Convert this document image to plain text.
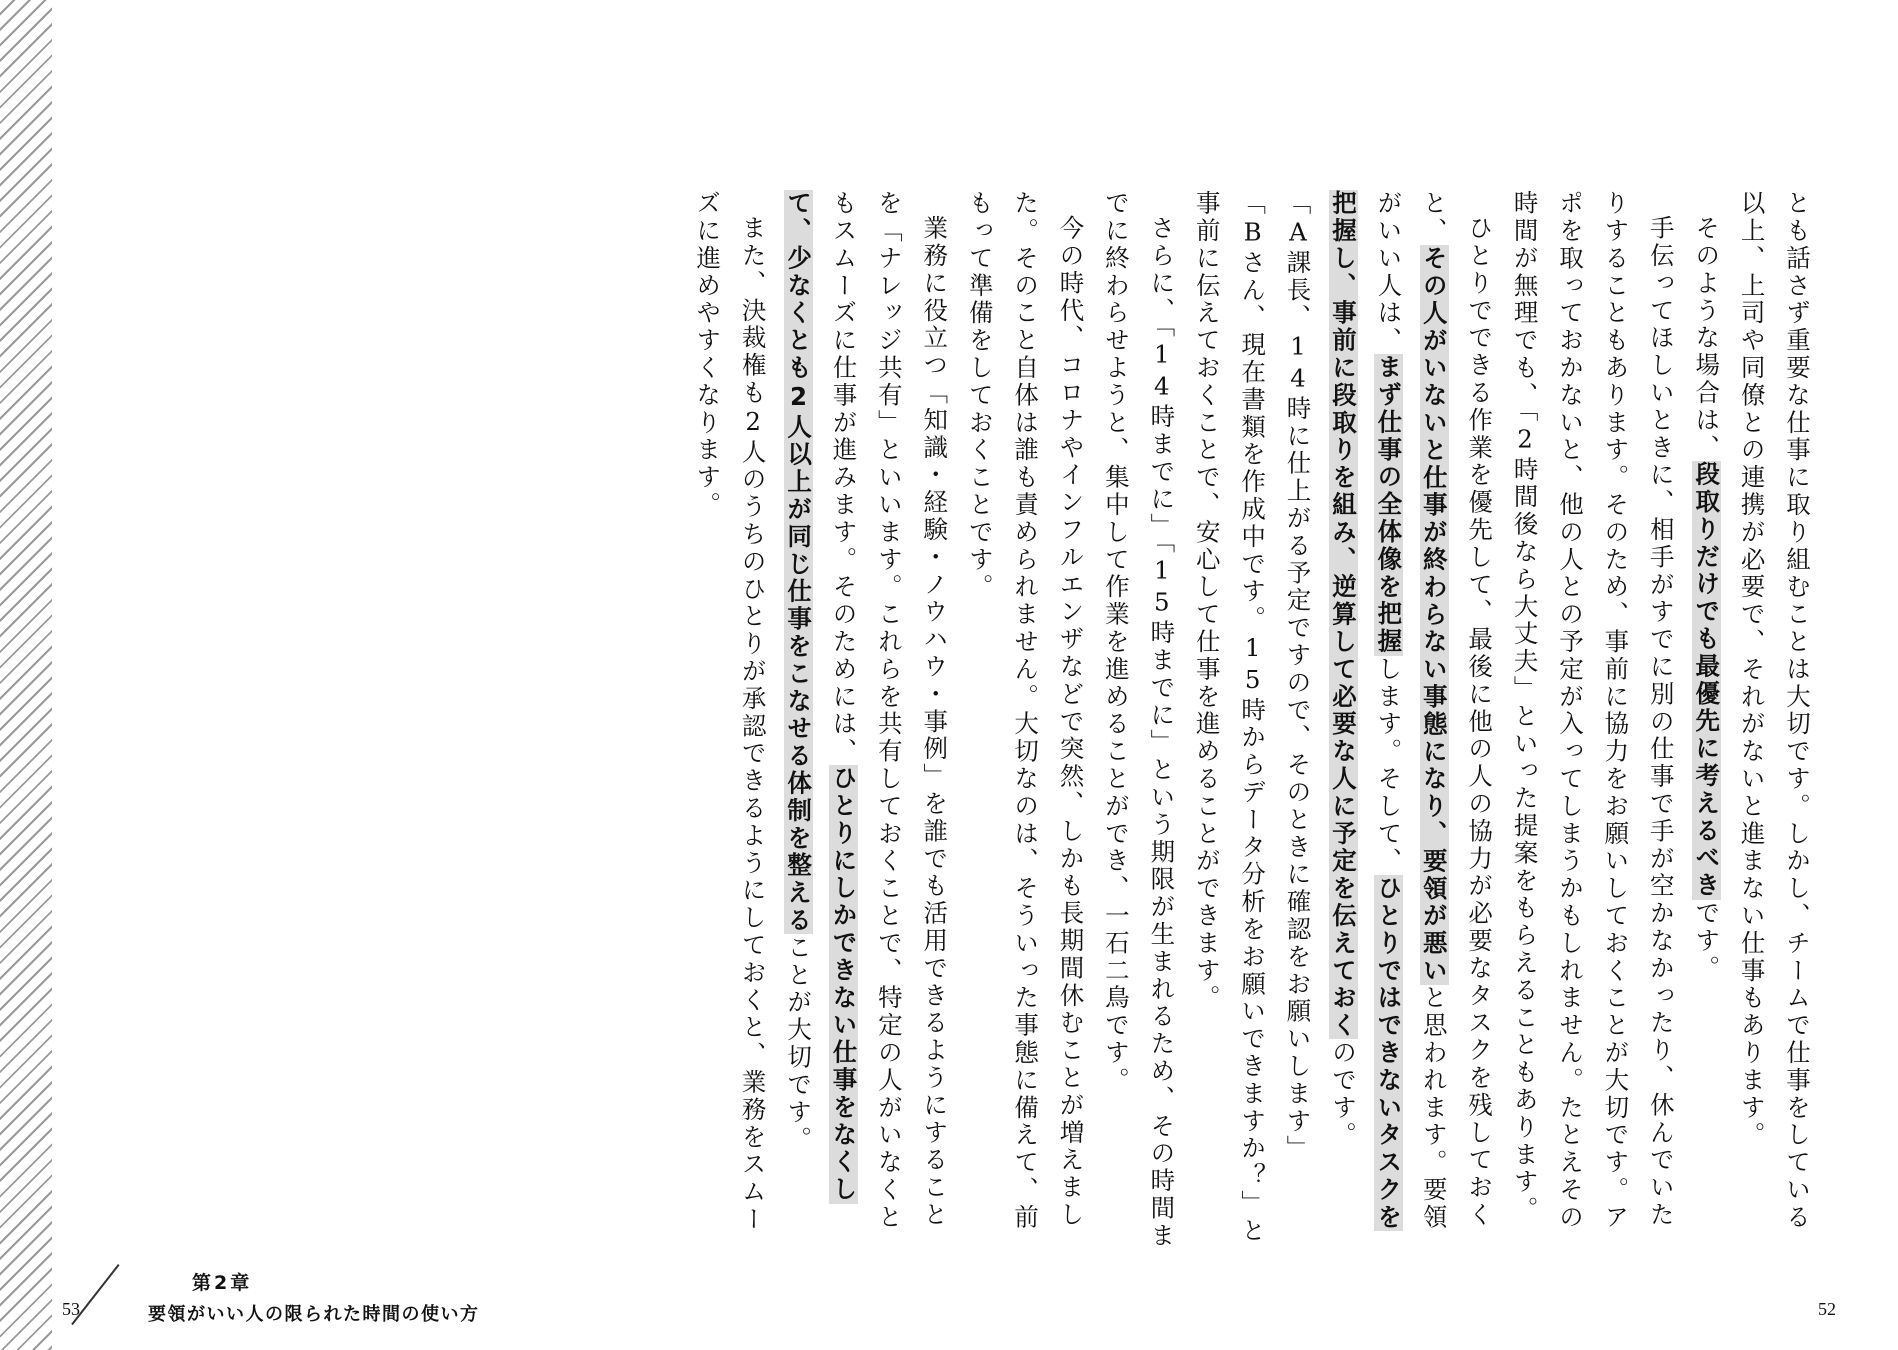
とも話さず重要な仕事に取り組むことは大切です。しかし、チームで仕事をしている以上、上司や同僚との連携が必要で、それがないと進まない仕事もあります。

そのような場合は、段取りだけでも最優先に考えるべきです。

手伝ってほしいときに、相手がすでに別の仕事で手が空かなかったり、休んでいたりすることもあります。そのため、事前に協力をお願いしておくことが大切です。アポを取っておかないと、他の人との予定が入ってしまうかもしれません。たとえその時間が無理でも、「2時間後なら大丈夫」といった提案をもらえることもあります。

ひとりでできる作業を優先して、最後に他の人の協力が必要なタスクを残しておくと、その人がいないと仕事が終わらない事態になり、要領が悪いと思われます。要領がいい人は、まず仕事の全体像を把握します。そして、ひとりではできないタスクを把握し、事前に段取りを組み、逆算して必要な人に予定を伝えておくのです。

「A課長、14時に仕上がる予定ですので、そのときに確認をお願いします」

「Bさん、現在書類を作成中です。15時からデータ分析をお願いできますか？」と事前に伝えておくことで、安心して仕事を進めることができます。

さらに、「14時までに」「15時までに」という期限が生まれるため、その時間までに終わらせようと、集中して作業を進めることができ、一石二鳥です。

今の時代、コロナやインフルエンザなどで突然、しかも長期間休むことが増えました。そのこと自体は誰も責められません。大切なのは、そういった事態に備えて、前もって準備をしておくことです。

業務に役立つ「知識・経験・ノウハウ・事例」を誰でも活用できるようにすることを「ナレッジ共有」といいます。これらを共有しておくことで、特定の人がいなくともスムーズに仕事が進みます。そのためには、ひとりにしかできない仕事をなくして、少なくとも2人以上が同じ仕事をこなせる体制を整えることが大切です。

また、決裁権も2人のうちのひとりが承認できるようにしておくと、業務をスムーズに進めやすくなります。

52
53
第2章
要領がいい人の限られた時間の使い方
